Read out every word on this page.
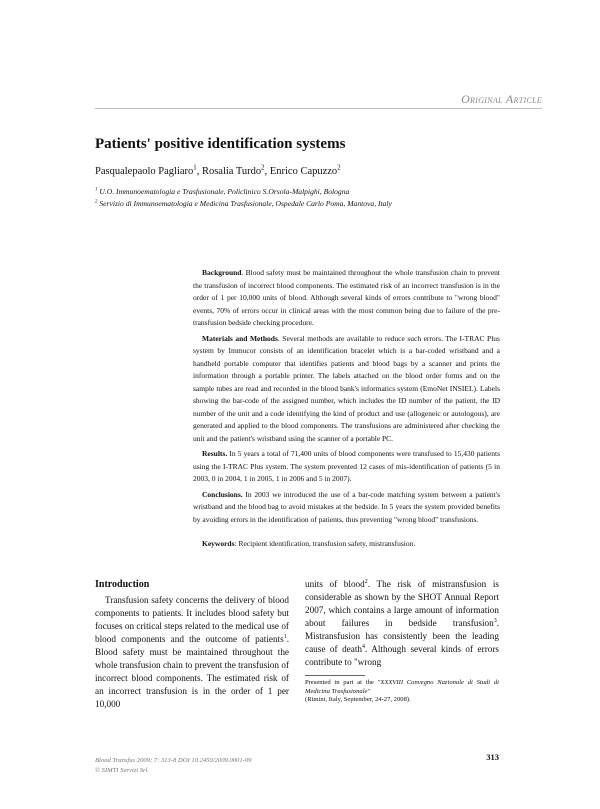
Original Article
Patients' positive identification systems
Pasqualepaolo Pagliaro$^1$, Rosalia Turdo$^2$, Enrico Capuzzo$^2$
$^1$ U.O. Immunoematologia e Trasfusionale, Policlinico S.Orsola-Malpighi, Bologna
$^2$ Servizio di Immunoematologia e Medicina Trasfusionale, Ospedale Carlo Poma, Mantova, Italy

Background. Blood safety must be maintained throughout the whole transfusion chain to prevent the transfusion of incorrect blood components. The estimated risk of an incorrect transfusion is in the order of 1 per 10,000 units of blood. Although several kinds of errors contribute to "wrong blood" events, 70% of errors occur in clinical areas with the most common being due to failure of the pre-transfusion bedside checking procedure.

Materials and Methods. Several methods are available to reduce such errors. The I-TRAC Plus system by Immucor consists of an identification bracelet which is a bar-coded wristband and a handheld portable computer that identifies patients and blood bags by a scanner and prints the information through a portable printer. The labels attached on the blood order forms and on the sample tubes are read and recorded in the blood bank's informatics system (EmoNet INSIEL). Labels showing the bar-code of the assigned number, which includes the ID number of the patient, the ID number of the unit and a code identifying the kind of product and use (allogeneic or autologous), are generated and applied to the blood components. The transfusions are administered after checking the unit and the patient's wristband using the scanner of a portable PC.

Results. In 5 years a total of 71,400 units of blood components were transfused to 15,430 patients using the I-TRAC Plus system. The system prevented 12 cases of mis-identification of patients (5 in 2003, 0 in 2004, 1 in 2005, 1 in 2006 and 5 in 2007).

Conclusions. In 2003 we introduced the use of a bar-code matching system between a patient's wristband and the blood bag to avoid mistakes at the bedside. In 5 years the system provided benefits by avoiding errors in the identification of patients, thus preventing "wrong blood" transfusions.

Keywords: Recipient identification, transfusion safety, mistransfusion.

Introduction

Transfusion safety concerns the delivery of blood components to patients. It includes blood safety but focuses on critical steps related to the medical use of blood components and the outcome of patients$^1$. Blood safety must be maintained throughout the whole transfusion chain to prevent the transfusion of incorrect blood components. The estimated risk of an incorrect transfusion is in the order of 1 per 10,000

units of blood$^2$. The risk of mistransfusion is considerable as shown by the SHOT Annual Report 2007, which contains a large amount of information about failures in bedside transfusion$^3$. Mistransfusion has consistently been the leading cause of death$^4$. Although several kinds of errors contribute to "wrong

Presented in part at the "XXXVIII Convegno Nazionale di Studi di Medicina Trasfusionale"
(Rimini, Italy, September, 24-27, 2008).
Blood Transfus 2009; 7: 313-8 DOI 10.2450/2009.0001-09
© SIMTI Servizi Srl
313
